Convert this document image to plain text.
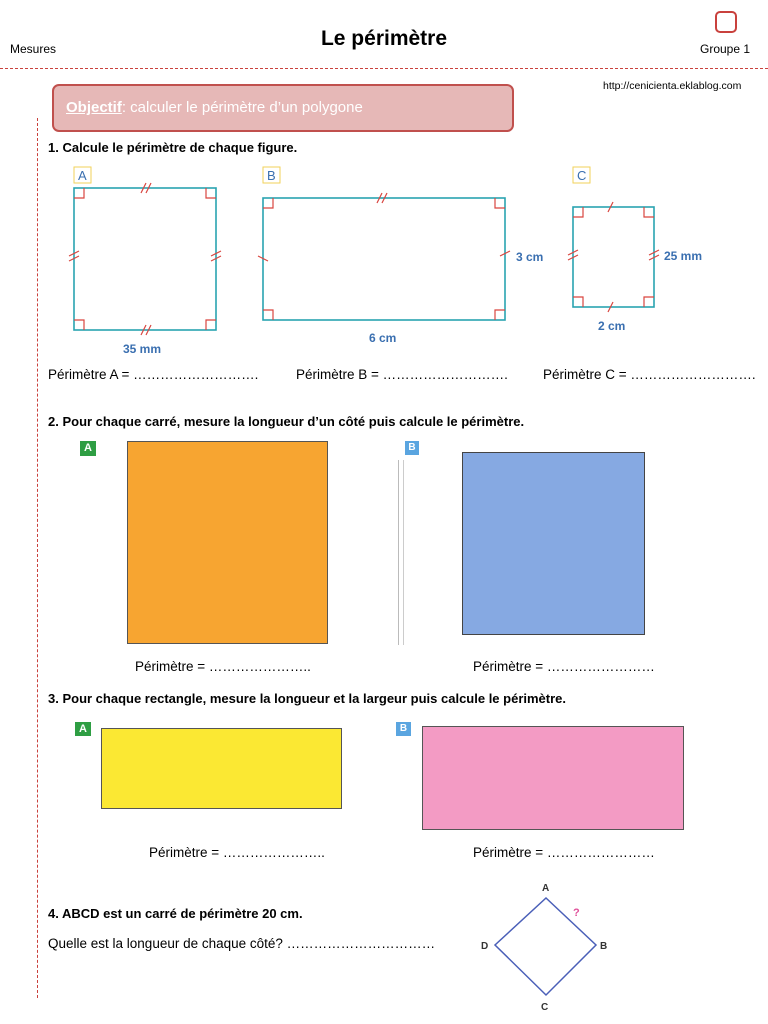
Mesures	Le périmètre	Groupe 1
http://cenicienta.eklablog.com
Objectif: calculer le périmètre d’un polygone
1. Calcule le périmètre de chaque figure.
A	B	C
35 mm
6 cm
3 cm
2 cm
25 mm
Périmètre A = ……………………….	Périmètre B = ……………………….	Périmètre C = ……………………….
2. Pour chaque carré, mesure la longueur d’un côté puis calcule le périmètre.
A	B
Périmètre = …………………..	Périmètre = ……………………
3. Pour chaque rectangle, mesure la longueur et la largeur puis calcule le périmètre.
A	B
Périmètre = …………………..	Périmètre = ……………………
4. ABCD est un carré de périmètre 20 cm.
Quelle est la longueur de chaque côté? ……………………………
A
B
C
D
?
